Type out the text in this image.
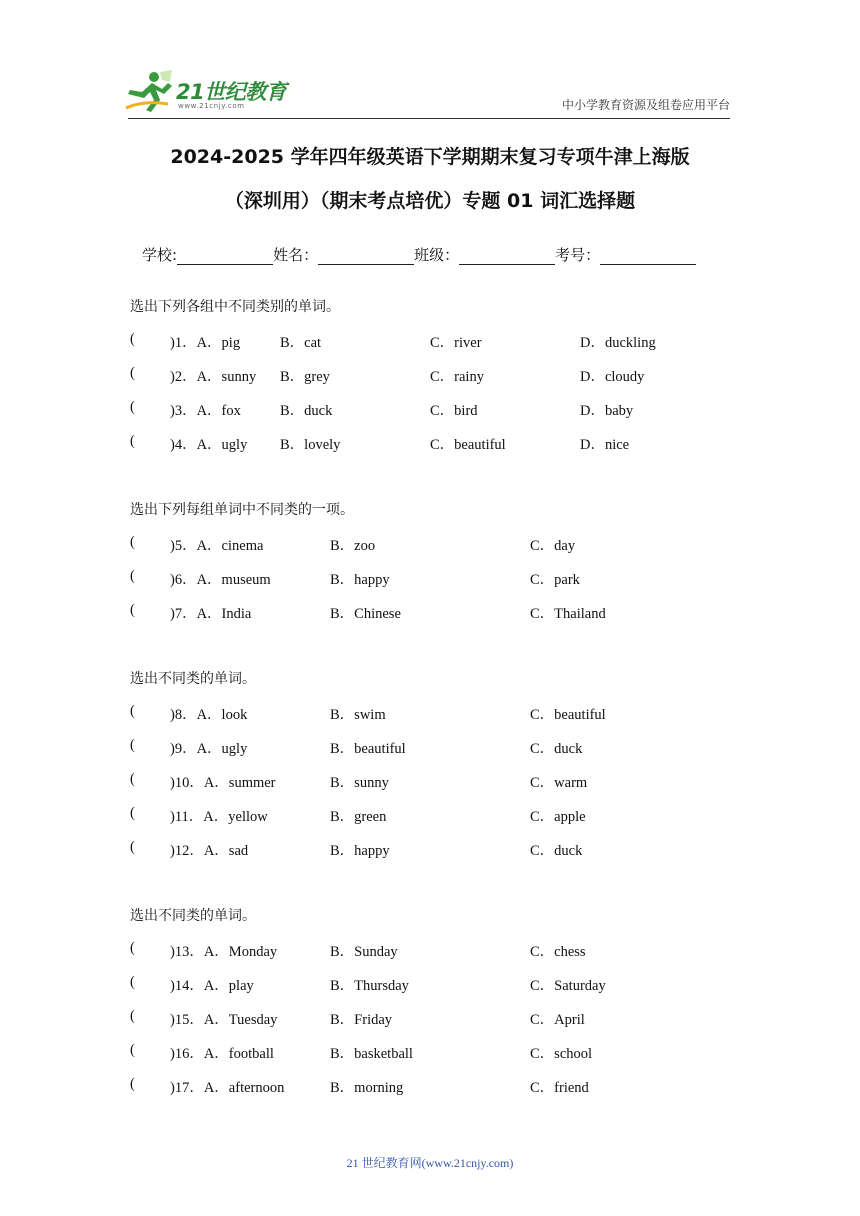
21世纪教育
www.21cnjy.com	中小学教育资源及组卷应用平台
2024-2025 学年四年级英语下学期期末复习专项牛津上海版
（深圳用）（期末考点培优）专题 01 词汇选择题
学校:	姓名：	班级：	考号：
选出下列各组中不同类别的单词。
( )1．A．pig	B．cat	C．river	D．duckling
( )2．A．sunny B．grey	C．rainy	D．cloudy
( )3．A．fox	B．duck	C．bird	D．baby
( )4．A．ugly B．lovely	C．beautiful	D．nice
选出下列每组单词中不同类的一项。
( )5．A．cinema	B．zoo	C．day
( )6．A．museum	B．happy	C．park
( )7．A．India	B．Chinese	C．Thailand
选出不同类的单词。
( )8．A．look	B．swim	C．beautiful
( )9．A．ugly	B．beautiful	C．duck
( )10．A．summer	B．sunny	C．warm
( )11．A．yellow	B．green	C．apple
( )12．A．sad	B．happy	C．duck
选出不同类的单词。
( )13．A．Monday	B．Sunday	C．chess
( )14．A．play	B．Thursday	C．Saturday
( )15．A．Tuesday	B．Friday	C．April
( )16．A．football	B．basketball	C．school
( )17．A．afternoon	B．morning	C．friend
21 世纪教育网(www.21cnjy.com)
